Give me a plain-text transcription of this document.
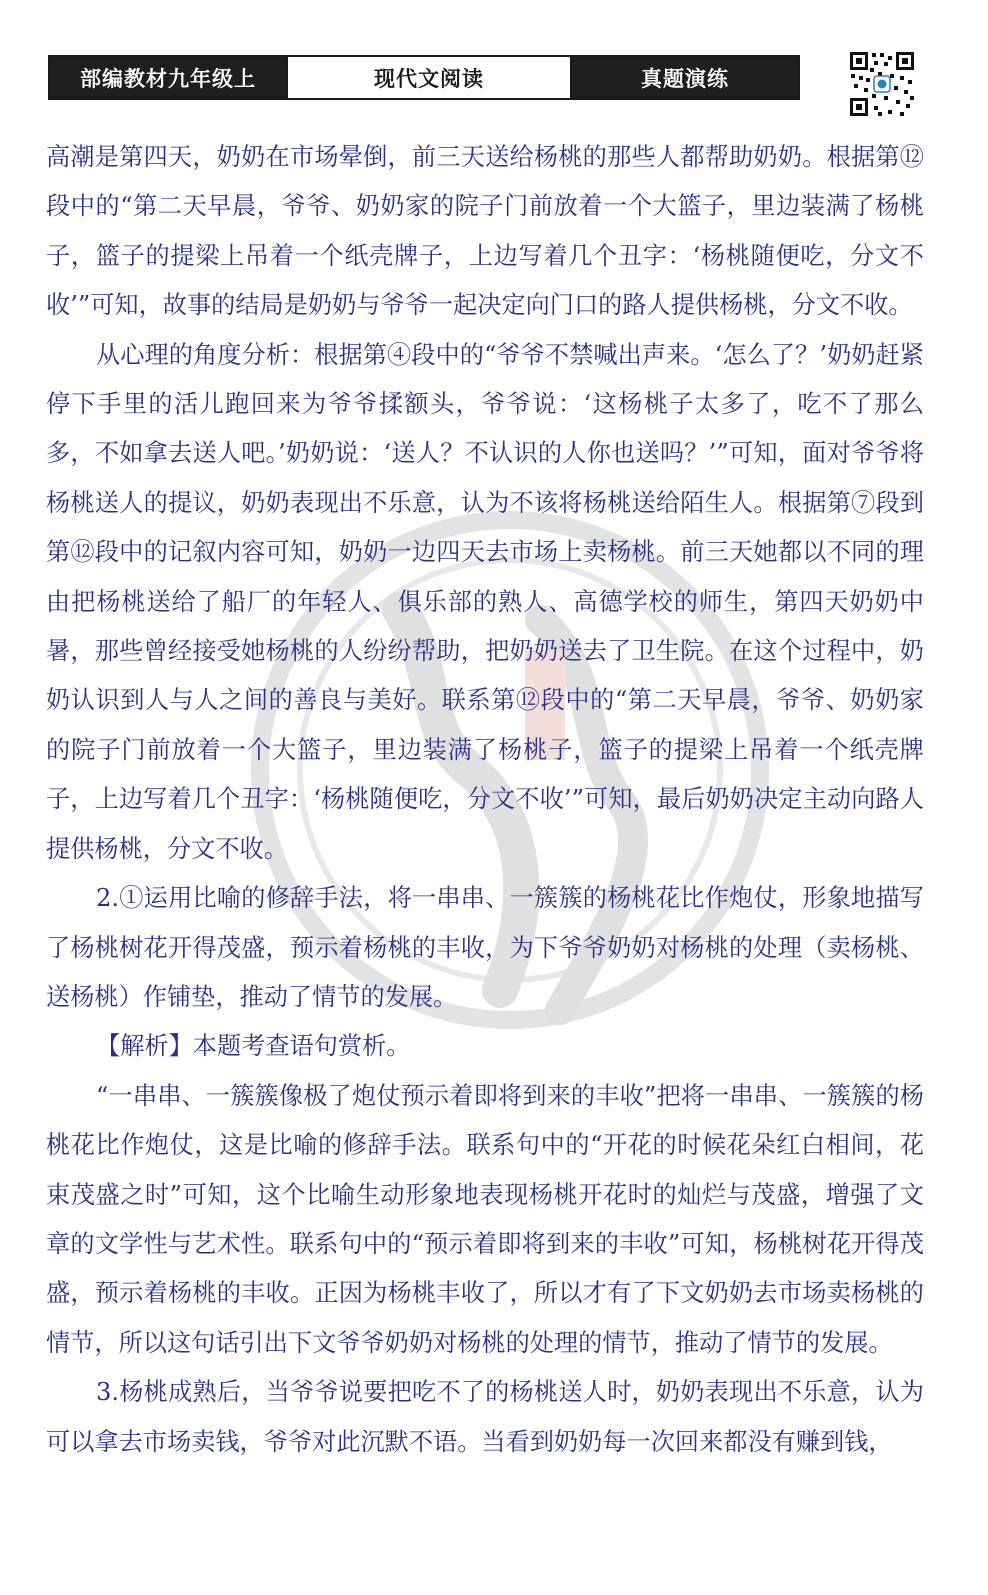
部编教材九年级上	现代文阅读	真题演练

高潮是第四天，奶奶在市场晕倒，前三天送给杨桃的那些人都帮助奶奶。根据第⑫段中的“第二天早晨，爷爷、奶奶家的院子门前放着一个大篮子，里边装满了杨桃子，篮子的提梁上吊着一个纸壳牌子，上边写着几个丑字：‘杨桃随便吃，分文不收’”可知，故事的结局是奶奶与爷爷一起决定向门口的路人提供杨桃，分文不收。

从心理的角度分析：根据第④段中的“爷爷不禁喊出声来。‘怎么了？’奶奶赶紧停下手里的活儿跑回来为爷爷揉额头，爷爷说：‘这杨桃子太多了，吃不了那么多，不如拿去送人吧。’奶奶说：‘送人？不认识的人你也送吗？’”可知，面对爷爷将杨桃送人的提议，奶奶表现出不乐意，认为不该将杨桃送给陌生人。根据第⑦段到第⑫段中的记叙内容可知，奶奶一边四天去市场上卖杨桃。前三天她都以不同的理由把杨桃送给了船厂的年轻人、俱乐部的熟人、高德学校的师生，第四天奶奶中暑，那些曾经接受她杨桃的人纷纷帮助，把奶奶送去了卫生院。在这个过程中，奶奶认识到人与人之间的善良与美好。联系第⑫段中的“第二天早晨，爷爷、奶奶家的院子门前放着一个大篮子，里边装满了杨桃子，篮子的提梁上吊着一个纸壳牌子，上边写着几个丑字：‘杨桃随便吃，分文不收’”可知，最后奶奶决定主动向路人提供杨桃，分文不收。

2.①运用比喻的修辞手法，将一串串、一簇簇的杨桃花比作炮仗，形象地描写了杨桃树花开得茂盛，预示着杨桃的丰收，为下爷爷奶奶对杨桃的处理（卖杨桃、送杨桃）作铺垫，推动了情节的发展。

【解析】本题考查语句赏析。

“一串串、一簇簇像极了炮仗预示着即将到来的丰收”把将一串串、一簇簇的杨桃花比作炮仗，这是比喻的修辞手法。联系句中的“开花的时候花朵红白相间，花束茂盛之时”可知，这个比喻生动形象地表现杨桃开花时的灿烂与茂盛，增强了文章的文学性与艺术性。联系句中的“预示着即将到来的丰收”可知，杨桃树花开得茂盛，预示着杨桃的丰收。正因为杨桃丰收了，所以才有了下文奶奶去市场卖杨桃的情节，所以这句话引出下文爷爷奶奶对杨桃的处理的情节，推动了情节的发展。

3.杨桃成熟后，当爷爷说要把吃不了的杨桃送人时，奶奶表现出不乐意，认为可以拿去市场卖钱，爷爷对此沉默不语。当看到奶奶每一次回来都没有赚到钱，
